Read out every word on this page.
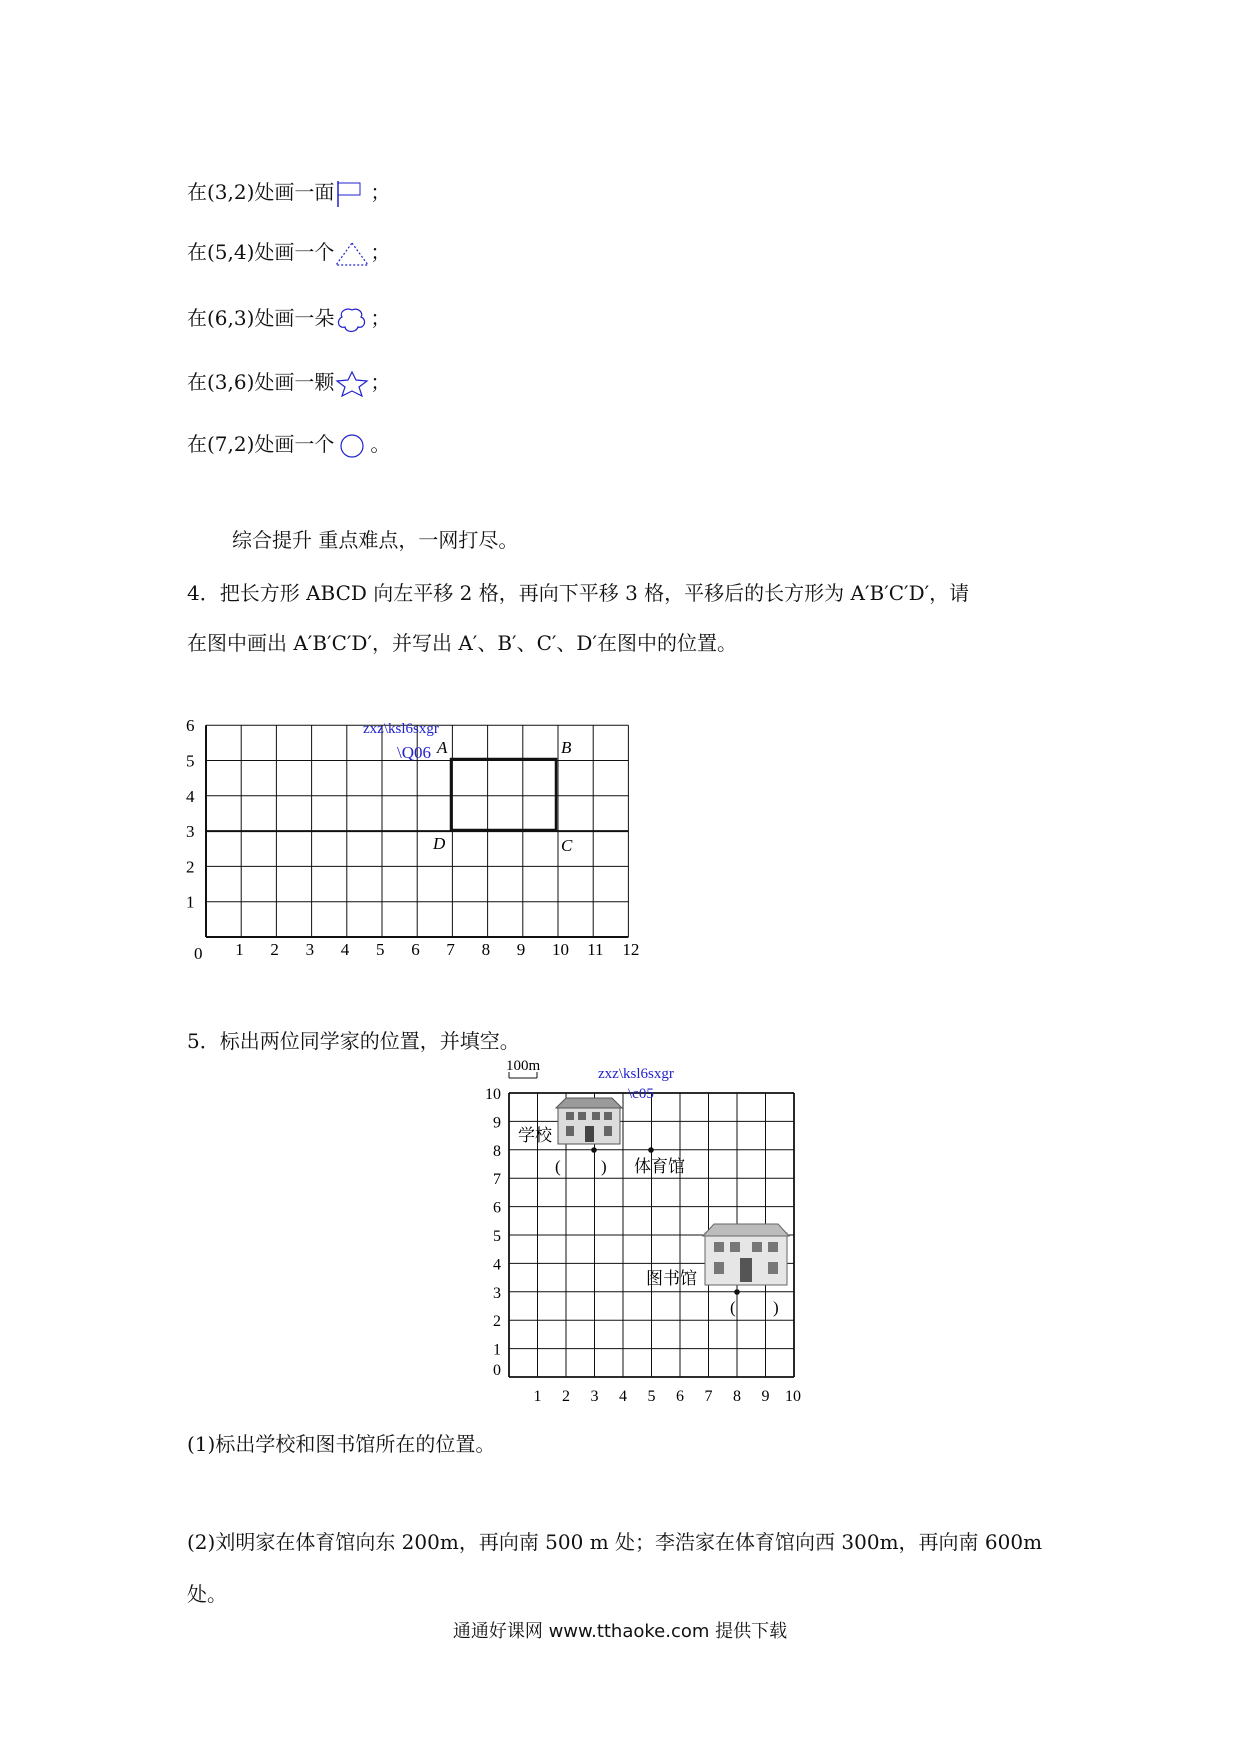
在(3,2)处画一面 ；
在(5,4)处画一个 ；
在(6,3)处画一朵 ；
在(3,6)处画一颗 ；
在(7,2)处画一个 。
综合提升 重点难点，一网打尽。
4．把长方形 ABCD 向左平移 2 格，再向下平移 3 格，平移后的长方形为 A′B′C′D′，请
在图中画出 A′B′C′D′，并写出 A′、B′、C′、D′在图中的位置。
0 1 2 3 4 5 6 7 8 9 10 11 12
1
2
3
4
5
6
A	B
C
D
zxz\ksl6sxgr
\Q06
1 2 3 4 5 6 7 8 9 10
0
1
2
3
4
5
6
7
8
9
10
100m	zxz\ksl6sxgr
\c05
学校
体育馆
图书馆
( )
( )
5．标出两位同学家的位置，并填空。
(1)标出学校和图书馆所在的位置。
(2)刘明家在体育馆向东 200m，再向南 500 m 处；李浩家在体育馆向西 300m，再向南 600m
处。
通通好课网 www.tthaoke.com 提供下载
